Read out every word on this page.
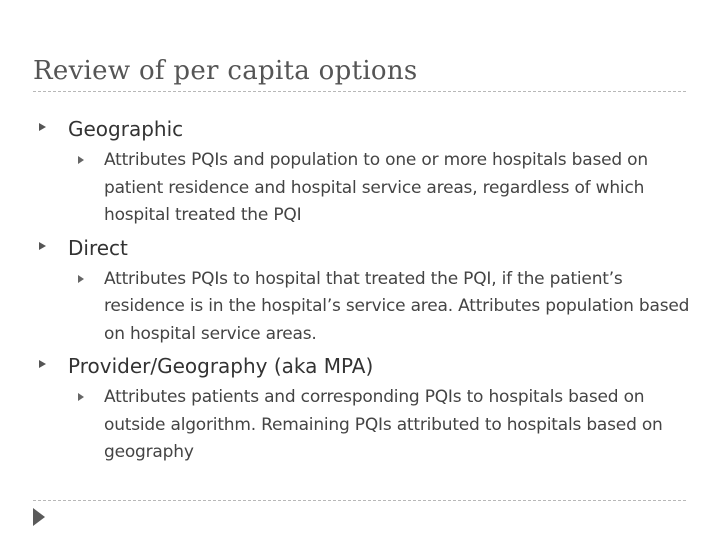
Review of per capita options
Geographic
Attributes PQIs and population to one or more hospitals based on patient residence and hospital service areas, regardless of which hospital treated the PQI
Direct
Attributes PQIs to hospital that treated the PQI, if the patient’s residence is in the hospital’s service area. Attributes population based on hospital service areas.
Provider/Geography (aka MPA)
Attributes patients and corresponding PQIs to hospitals based on outside algorithm. Remaining PQIs attributed to hospitals based on geography
